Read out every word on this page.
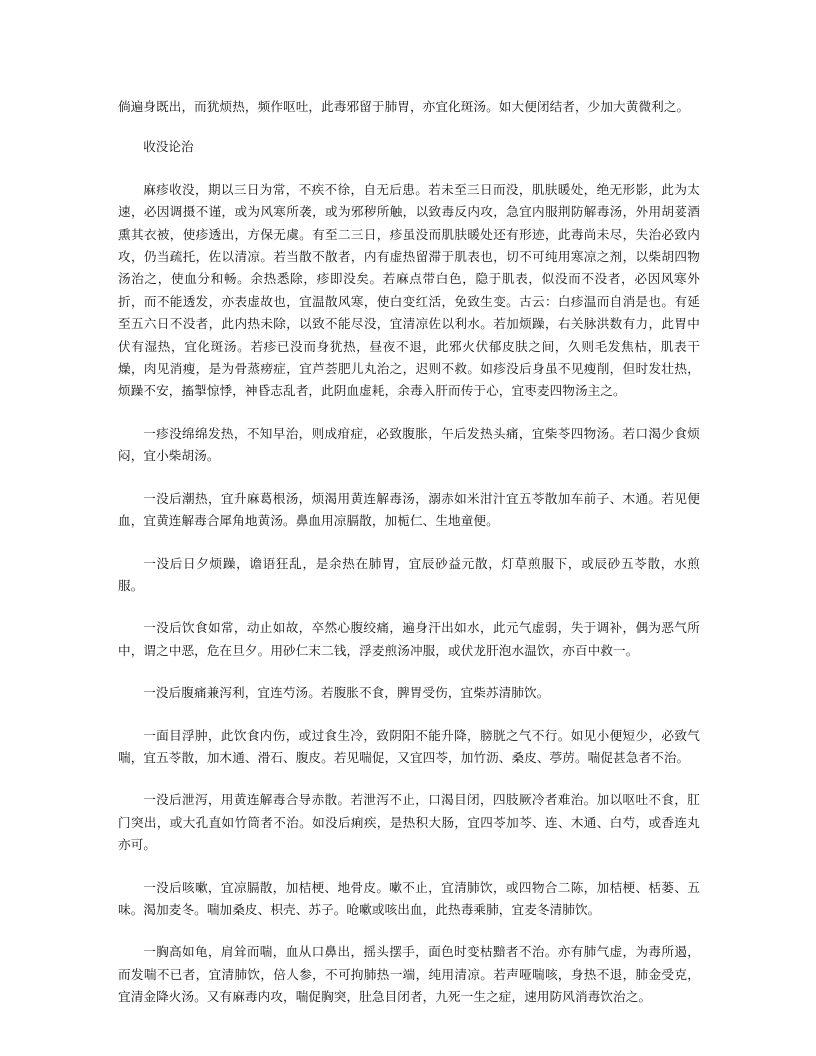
倘遍身既出，而犹烦热，频作呕吐，此毒邪留于肺胃，亦宜化斑汤。如大便闭结者，少加大黄微利之。

收没论治

麻疹收没，期以三日为常，不疾不徐，自无后患。若未至三日而没，肌肤暖处，绝无形影，此为太速，必因调摄不谨，或为风寒所袭，或为邪秽所触，以致毒反内攻，急宜内服荆防解毒汤，外用胡荽酒熏其衣被，使疹透出，方保无虞。有至二三日，疹虽没而肌肤暖处还有形迹，此毒尚未尽，失治必致内攻，仍当疏托，佐以清凉。若当散不散者，内有虚热留滞于肌表也，切不可纯用寒凉之剂，以柴胡四物汤治之，使血分和畅。余热悉除，疹即没矣。若麻点带白色，隐于肌表，似没而不没者，必因风寒外折，而不能透发，亦表虚故也，宜温散风寒，使白变红活，免致生变。古云：白疹温而自消是也。有延至五六日不没者，此内热未除，以致不能尽没，宜清凉佐以利水。若加烦躁，右关脉洪数有力，此胃中伏有湿热，宜化斑汤。若疹已没而身犹热，昼夜不退，此邪火伏郁皮肤之间，久则毛发焦枯，肌表干燥，肉见消瘦，是为骨蒸痨症，宜芦荟肥儿丸治之，迟则不救。如疹没后身虽不见瘦削，但时发壮热，烦躁不安，搐掣惊悸，神昏志乱者，此阴血虚耗，余毒入肝而传于心，宜枣麦四物汤主之。

一疹没绵绵发热，不知早治，则成疳症，必致腹胀，午后发热头痛，宜柴苓四物汤。若口渴少食烦闷，宜小柴胡汤。

一没后潮热，宜升麻葛根汤，烦渴用黄连解毒汤，溺赤如米泔汁宜五苓散加车前子、木通。若见便血，宜黄连解毒合犀角地黄汤。鼻血用凉膈散，加栀仁、生地童便。

一没后日夕烦躁，谵语狂乱，是余热在肺胃，宜辰砂益元散，灯草煎服下，或辰砂五苓散，水煎服。

一没后饮食如常，动止如故，卒然心腹绞痛，遍身汗出如水，此元气虚弱，失于调补，偶为恶气所中，谓之中恶，危在旦夕。用砂仁末二钱，浮麦煎汤冲服，或伏龙肝泡水温饮，亦百中救一。

一没后腹痛兼泻利，宜连芍汤。若腹胀不食，脾胃受伤，宜柴苏清肺饮。

一面目浮肿，此饮食内伤，或过食生冷，致阴阳不能升降，膀胱之气不行。如见小便短少，必致气喘，宜五苓散，加木通、滑石、腹皮。若见喘促，又宜四苓，加竹沥、桑皮、葶苈。喘促甚急者不治。

一没后泄泻，用黄连解毒合导赤散。若泄泻不止，口渴目闭，四肢厥冷者难治。加以呕吐不食，肛门突出，或大孔直如竹筒者不治。如没后痢疾，是热积大肠，宜四苓加芩、连、木通、白芍，或香连丸亦可。

一没后咳嗽，宜凉膈散，加桔梗、地骨皮。嗽不止，宜清肺饮，或四物合二陈，加桔梗、栝蒌、五味。渴加麦冬。喘加桑皮、枳壳、苏子。呛嗽或咳出血，此热毒乘肺，宜麦冬清肺饮。

一胸高如龟，肩耸而喘，血从口鼻出，摇头摆手，面色时变枯黯者不治。亦有肺气虚，为毒所遏，而发喘不已者，宜清肺饮，倍人参，不可拘肺热一端，纯用清凉。若声哑喘咳，身热不退，肺金受克，宜清金降火汤。又有麻毒内攻，喘促胸突，肚急目闭者，九死一生之症，速用防风消毒饮治之。
